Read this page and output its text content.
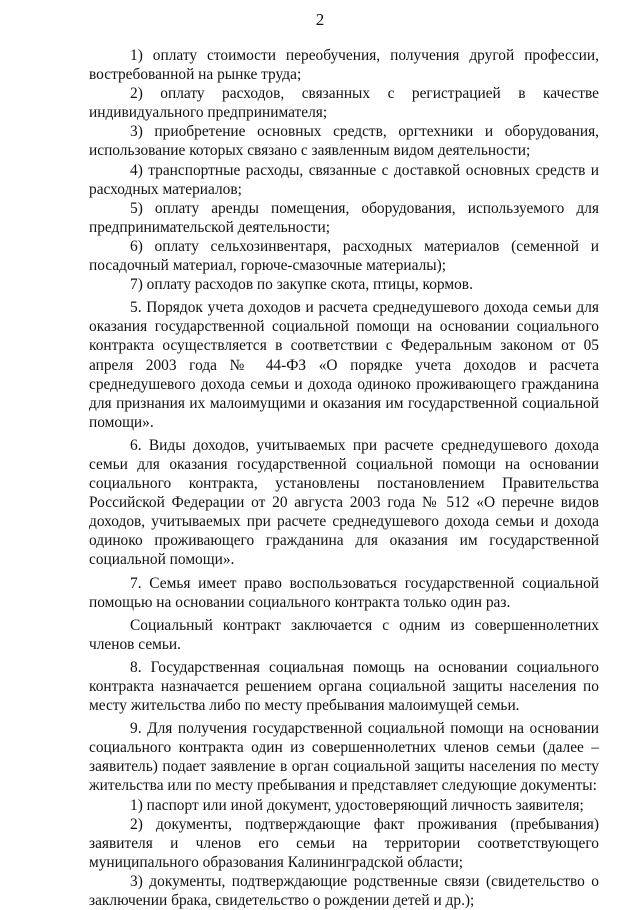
2

1) оплату стоимости переобучения, получения другой профессии, востребованной на рынке труда;

2) оплату расходов, связанных с регистрацией в качестве индивидуального предпринимателя;

3) приобретение основных средств, оргтехники и оборудования, использование которых связано с заявленным видом деятельности;

4) транспортные расходы, связанные с доставкой основных средств и расходных материалов;

5) оплату аренды помещения, оборудования, используемого для предпринимательской деятельности;

6) оплату сельхозинвентаря, расходных материалов (семенной и посадочный материал, горюче-смазочные материалы);

7) оплату расходов по закупке скота, птицы, кормов.

5. Порядок учета доходов и расчета среднедушевого дохода семьи для оказания государственной социальной помощи на основании социального контракта осуществляется в соответствии с Федеральным законом от 05 апреля 2003 года № 44-ФЗ «О порядке учета доходов и расчета среднедушевого дохода семьи и дохода одиноко проживающего гражданина для признания их малоимущими и оказания им государственной социальной помощи».

6. Виды доходов, учитываемых при расчете среднедушевого дохода семьи для оказания государственной социальной помощи на основании социального контракта, установлены постановлением Правительства Российской Федерации от 20 августа 2003 года № 512 «О перечне видов доходов, учитываемых при расчете среднедушевого дохода семьи и дохода одиноко проживающего гражданина для оказания им государственной социальной помощи».

7. Семья имеет право воспользоваться государственной социальной помощью на основании социального контракта только один раз.

Социальный контракт заключается с одним из совершеннолетних членов семьи.

8. Государственная социальная помощь на основании социального контракта назначается решением органа социальной защиты населения по месту жительства либо по месту пребывания малоимущей семьи.

9. Для получения государственной социальной помощи на основании социального контракта один из совершеннолетних членов семьи (далее – заявитель) подает заявление в орган социальной защиты населения по месту жительства или по месту пребывания и представляет следующие документы:

1) паспорт или иной документ, удостоверяющий личность заявителя;

2) документы, подтверждающие факт проживания (пребывания) заявителя и членов его семьи на территории соответствующего муниципального образования Калининградской области;

3) документы, подтверждающие родственные связи (свидетельство о заключении брака, свидетельство о рождении детей и др.);
